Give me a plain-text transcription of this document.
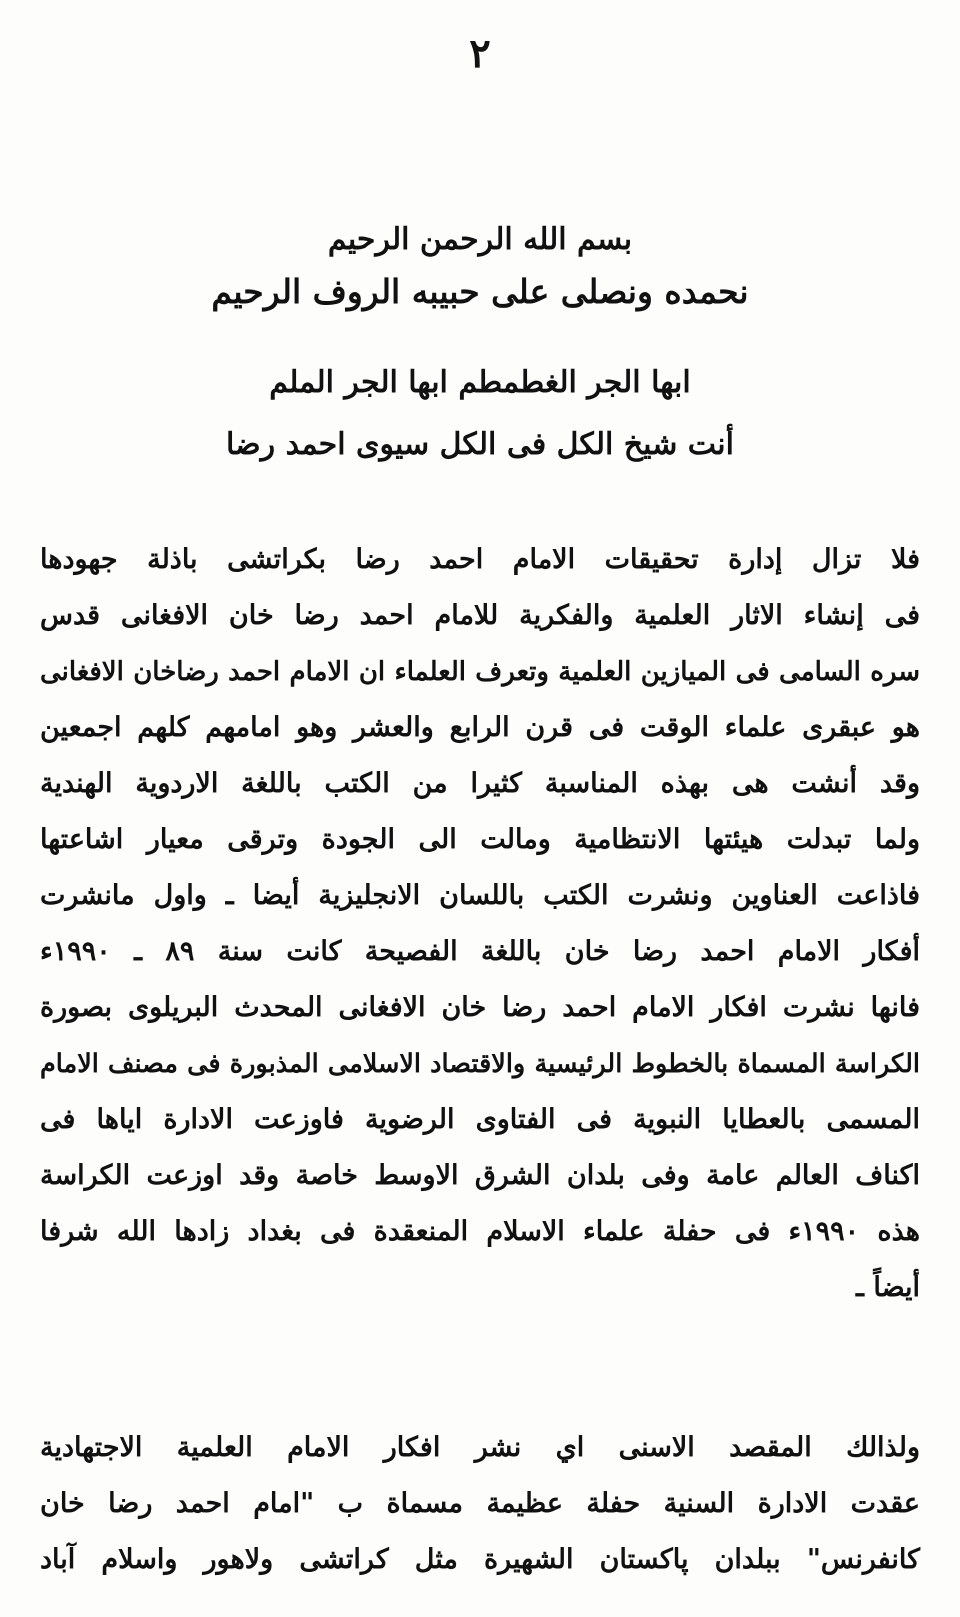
۲
بسم الله الرحمن الرحيم
نحمده ونصلى على حبيبه الروف الرحيم
ابها الجر الغطمطم ابها الجر الملم
أنت شيخ الكل فى الكل سيوى احمد رضا
فلا تزال إدارة تحقيقات الامام احمد رضا بكراتشى باذلة جهودها
فى إنشاء الاثار العلمية والفكرية للامام احمد رضا خان الافغانى قدس
سره السامى فى الميازين العلمية وتعرف العلماء ان الامام احمد رضاخان الافغانى
هو عبقرى علماء الوقت فى قرن الرابع والعشر وهو امامهم كلهم اجمعين
وقد أنشت هى بهذه المناسبة كثيرا من الكتب باللغة الاردوية الهندية
ولما تبدلت هيئتها الانتظامية ومالت الى الجودة وترقى معيار اشاعتها
فاذاعت العناوين ونشرت الكتب باللسان الانجليزية أيضا ـ واول مانشرت
أفكار الامام احمد رضا خان باللغة الفصيحة كانت سنة ٨٩ ـ ١٩٩٠ء
فانها نشرت افكار الامام احمد رضا خان الافغانى المحدث البريلوى بصورة
الكراسة المسماة بالخطوط الرئيسية والاقتصاد الاسلامى المذبورة فى مصنف الامام
المسمى بالعطايا النبوية فى الفتاوى الرضوية فاوزعت الادارة اياها فى
اكناف العالم عامة وفى بلدان الشرق الاوسط خاصة وقد اوزعت الكراسة
هذه ١٩٩٠ء فى حفلة علماء الاسلام المنعقدة فى بغداد زادها الله شرفا
أيضاً ـ
ولذالك المقصد الاسنى اي نشر افكار الامام العلمية الاجتهادية
عقدت الادارة السنية حفلة عظيمة مسماة ب "امام احمد رضا خان
كانفرنس" ببلدان پاكستان الشهيرة مثل كراتشى ولاهور واسلام آباد
